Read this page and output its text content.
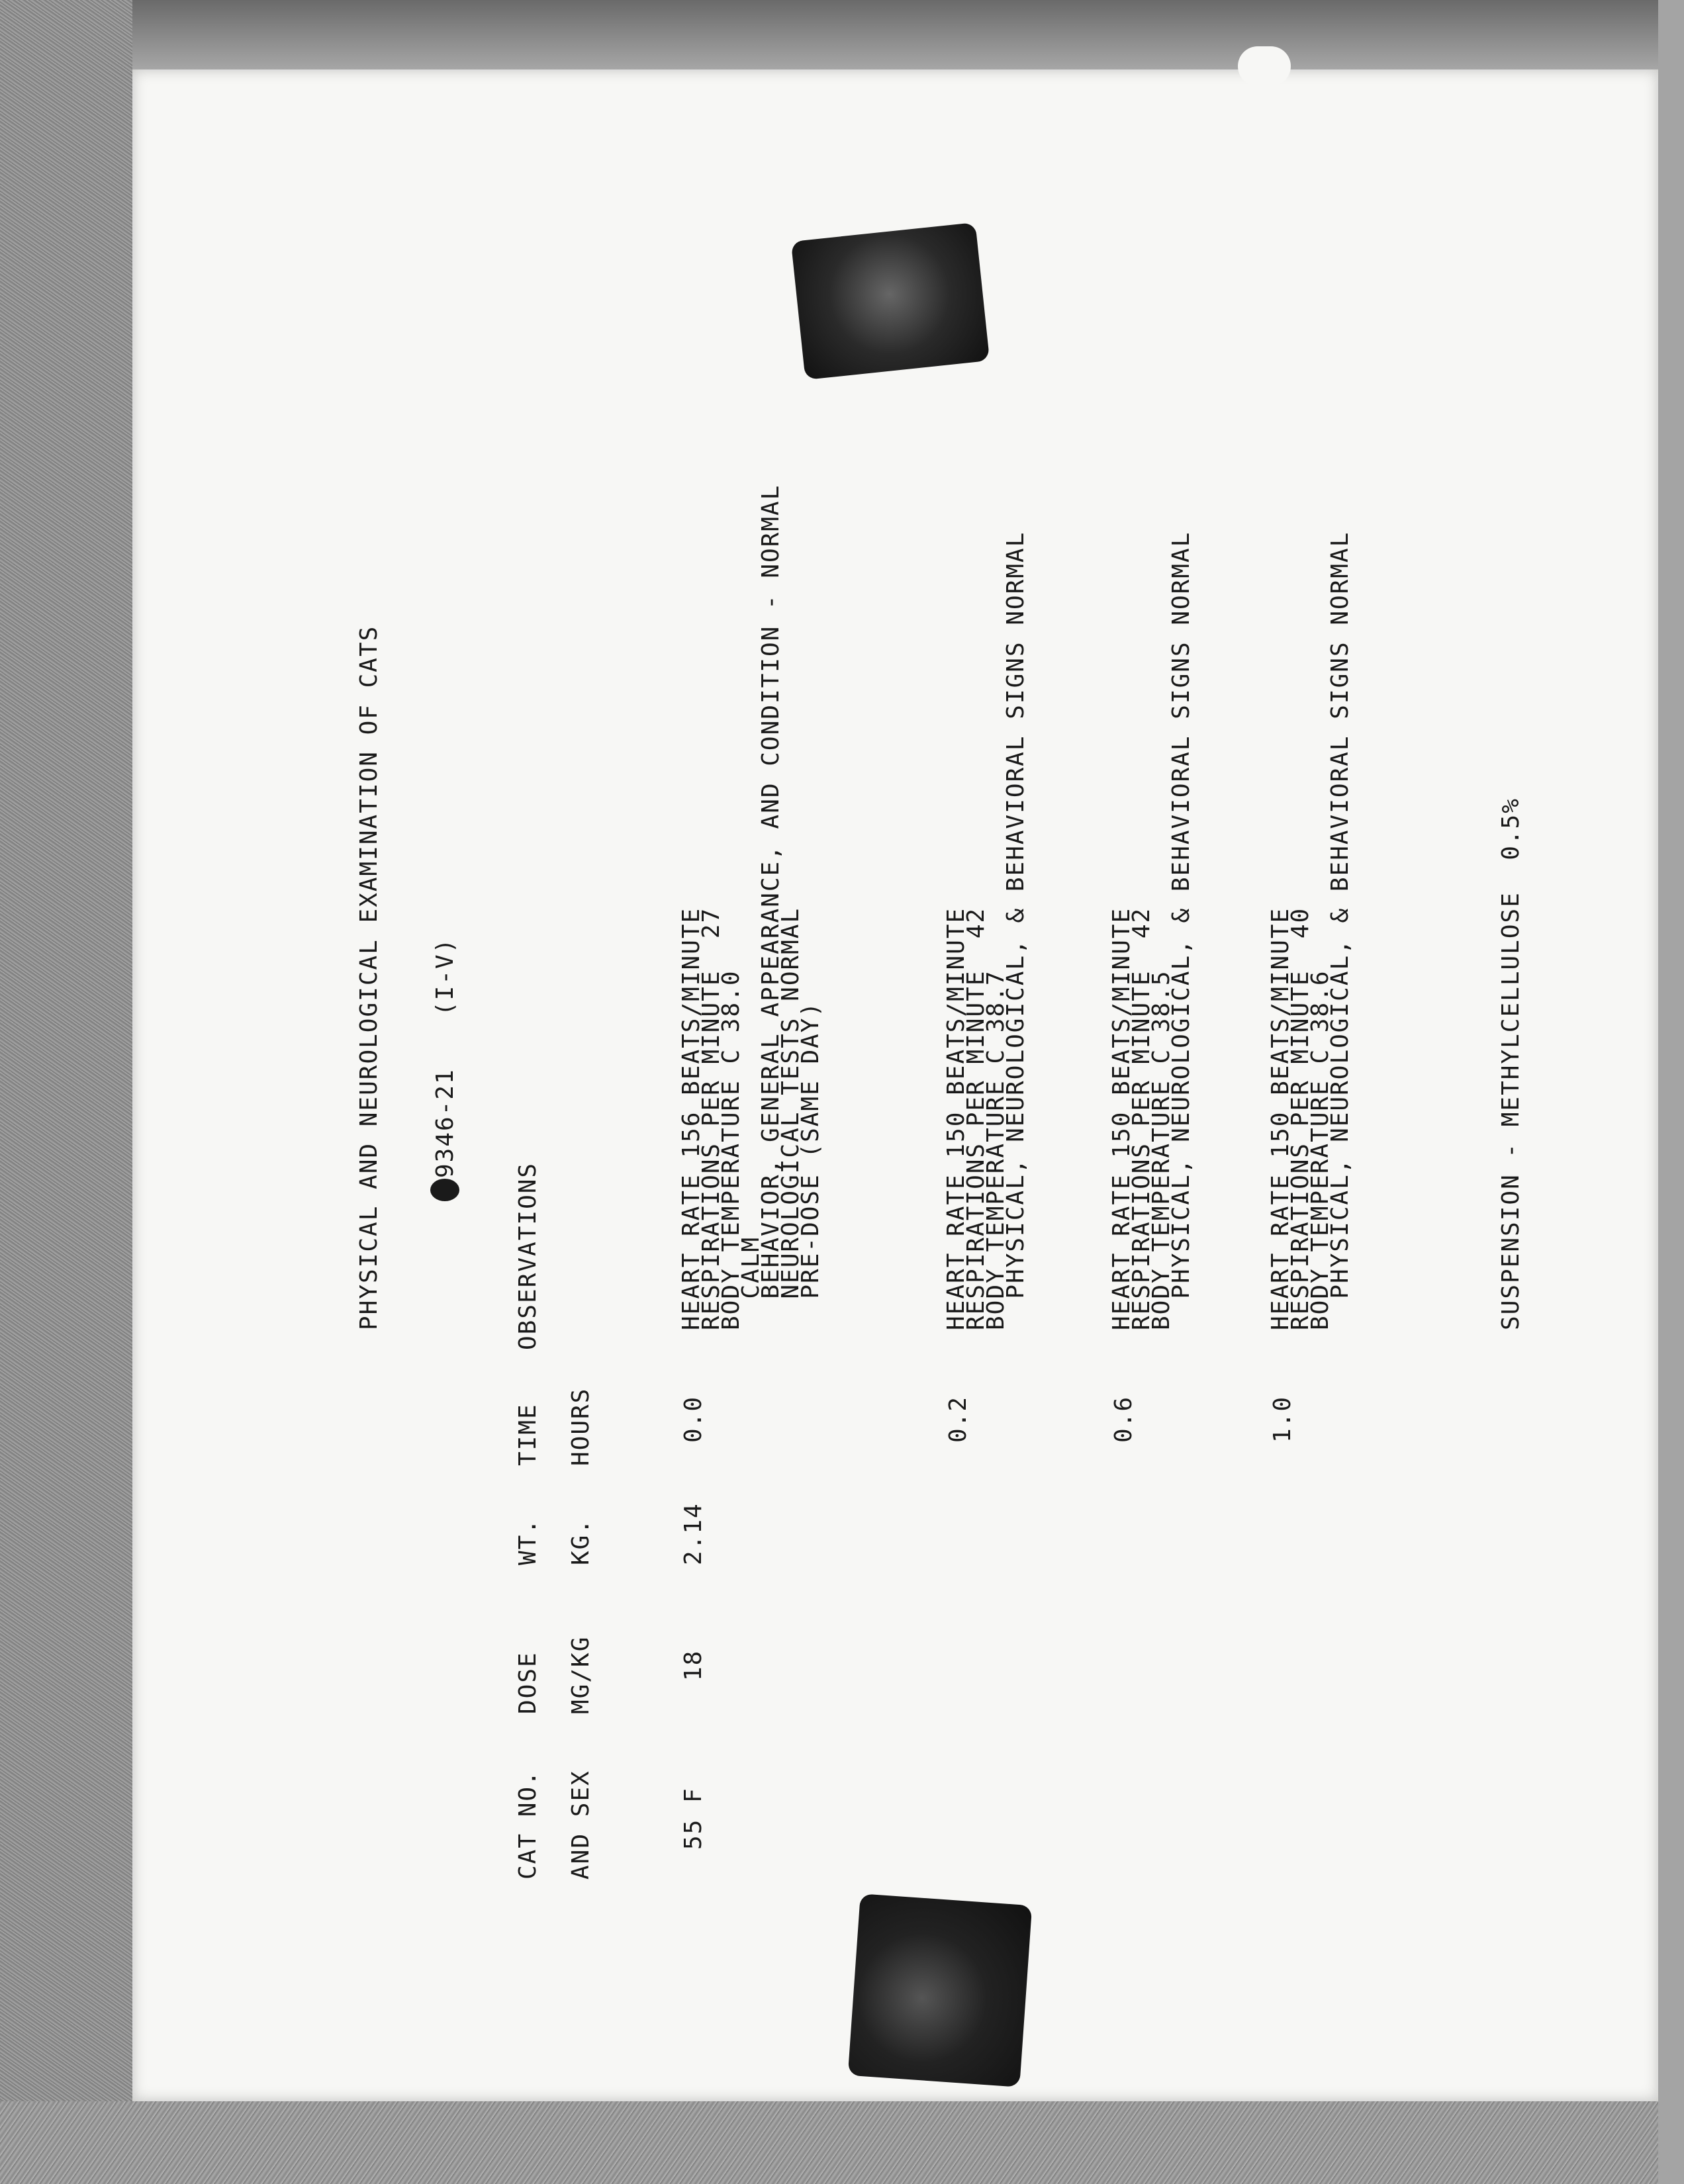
PHYSICAL AND NEUROLOGICAL EXAMINATION OF CATS 9346-21
(I-V)
CAT NO. AND SEX
DOSE MG/KG
WT. KG.
TIME HOURS
OBSERVATIONS
55 F
18
2.14
0.0
HEART RATE 156 BEATS/MINUTE
RESPIRATIONS PER MINUTE  27
BODY TEMPERATURE C 38.0
CALM
BEHAVIOR, GENERAL APPEARANCE, AND CONDITION - NORMAL
NEUROLOGICAL TESTS NORMAL
PRE-DOSE (SAME DAY)
0.2
HEART RATE 150 BEATS/MINUTE
RESPIRATIONS PER MINUTE  42
BODY TEMPERATURE C 38.7
PHYSICAL, NEUROLOGICAL, & BEHAVIORAL SIGNS NORMAL
0.6
HEART RATE 150 BEATS/MINUTE
RESPIRATIONS PER MINUTE  42
BODY TEMPERATURE C 38.5
PHYSICAL, NEUROLOGICAL, & BEHAVIORAL SIGNS NORMAL
1.0
HEART RATE 150 BEATS/MINUTE
RESPIRATIONS PER MINUTE  40
BODY TEMPERATURE C 38.6
PHYSICAL, NEUROLOGICAL, & BEHAVIORAL SIGNS NORMAL	SUSPENSION - METHYLCELLULOSE  0.5%
